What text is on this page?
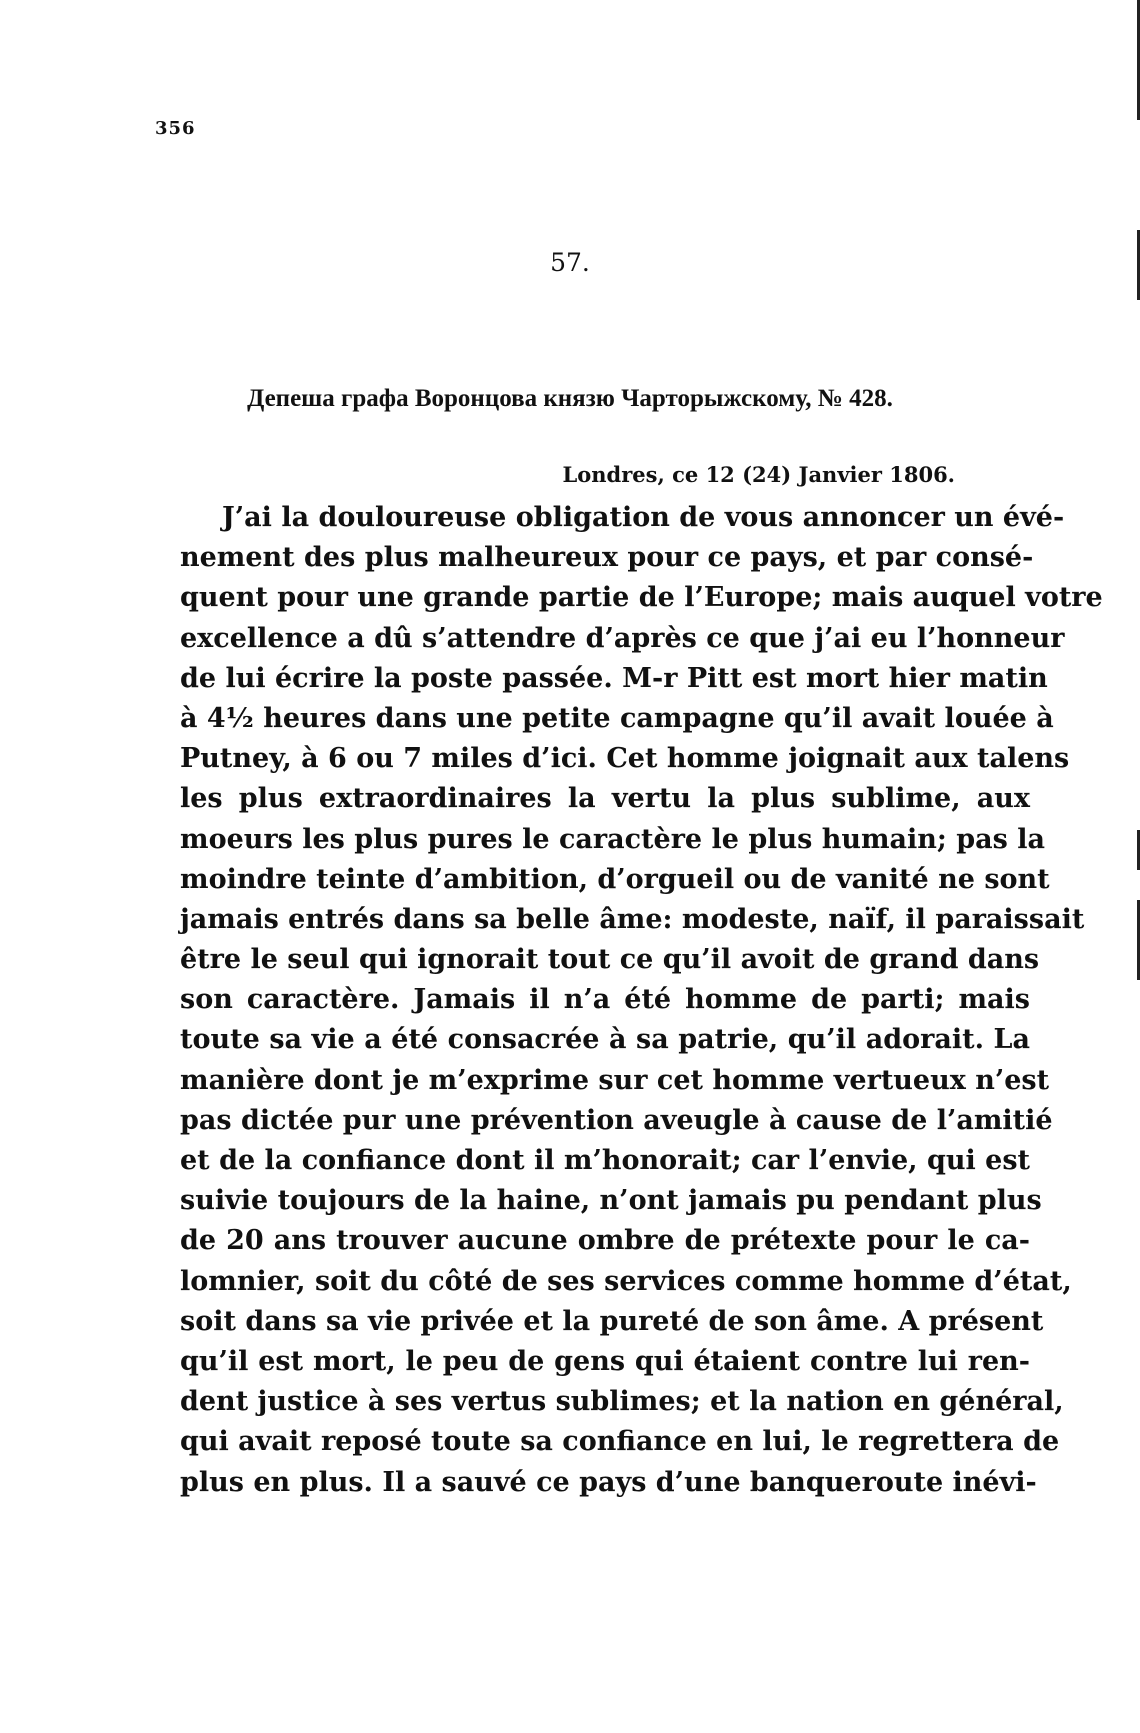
356
57.
Депеша графа Воронцова князю Чарторыжскому, № 428.
Londres, ce 12 (24) Janvier 1806.
J’ai la douloureuse obligation de vous annoncer un évé-
nement des plus malheureux pour ce pays, et par consé-
quent pour une grande partie de l’Europe; mais auquel votre
excellence a dû s’attendre d’après ce que j’ai eu l’honneur
de lui écrire la poste passée. M-r Pitt est mort hier matin
à 4½ heures dans une petite campagne qu’il avait louée à
Putney, à 6 ou 7 miles d’ici. Cet homme joignait aux talens
les plus extraordinaires la vertu la plus sublime, aux
moeurs les plus pures le caractère le plus humain; pas la
moindre teinte d’ambition, d’orgueil ou de vanité ne sont
jamais entrés dans sa belle âme: modeste, naïf, il paraissait
être le seul qui ignorait tout ce qu’il avoit de grand dans
son caractère. Jamais il n’a été homme de parti; mais
toute sa vie a été consacrée à sa patrie, qu’il adorait. La
manière dont je m’exprime sur cet homme vertueux n’est
pas dictée pur une prévention aveugle à cause de l’amitié
et de la confiance dont il m’honorait; car l’envie, qui est
suivie toujours de la haine, n’ont jamais pu pendant plus
de 20 ans trouver aucune ombre de prétexte pour le ca-
lomnier, soit du côté de ses services comme homme d’état,
soit dans sa vie privée et la pureté de son âme. A présent
qu’il est mort, le peu de gens qui étaient contre lui ren-
dent justice à ses vertus sublimes; et la nation en général,
qui avait reposé toute sa confiance en lui, le regrettera de
plus en plus. Il a sauvé ce pays d’une banqueroute inévi-
